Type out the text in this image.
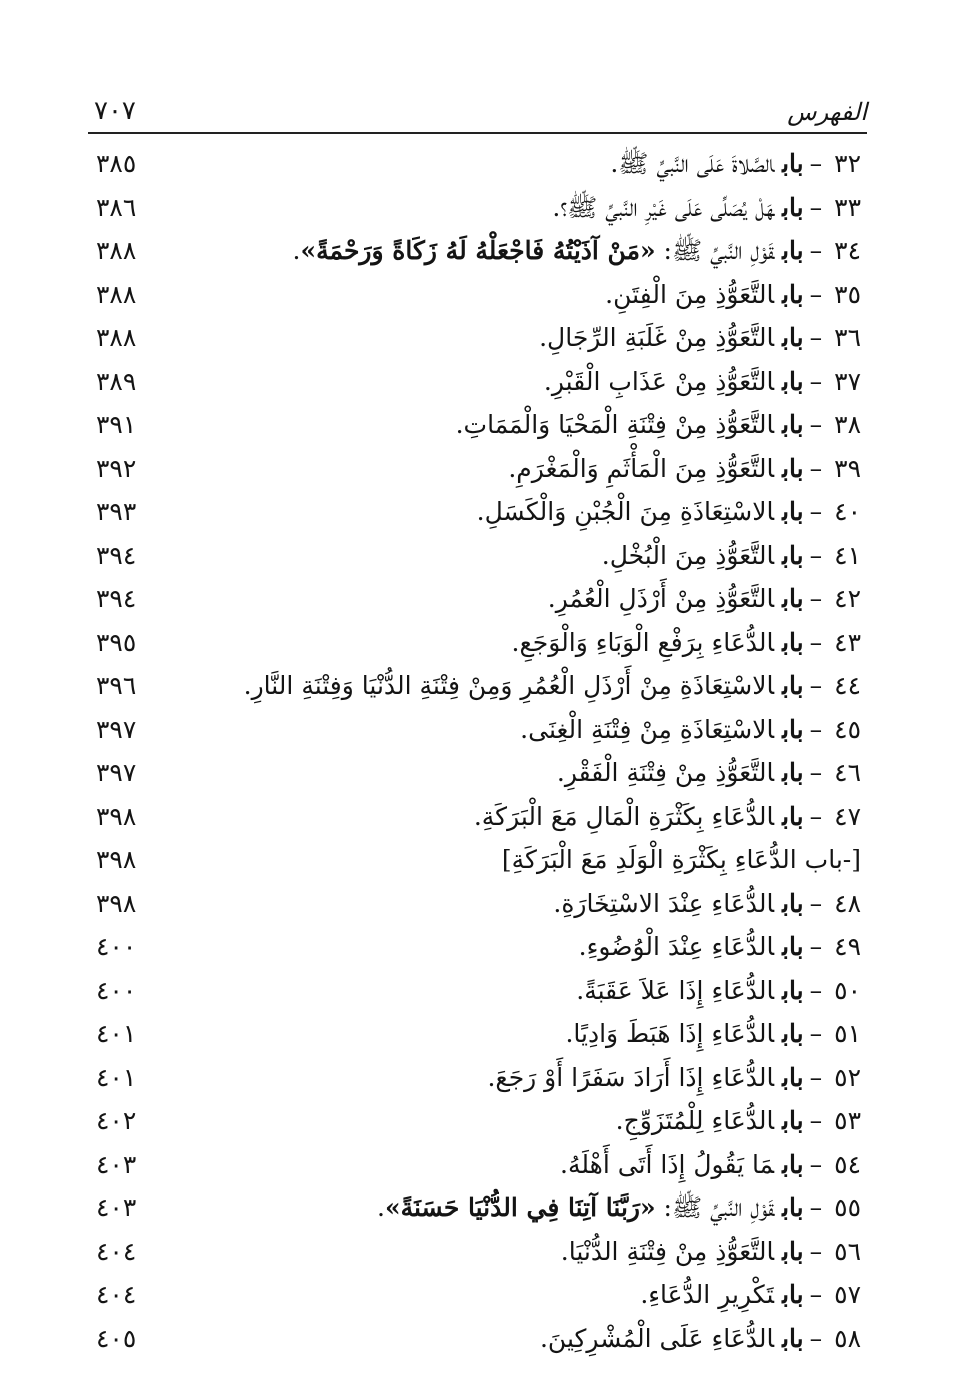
الفهرس
٧٠٧
٣٢–بابالصَّلاةَ عَلَى النَّبيِّ ﷺ.
٣٨٥
٣٣–بابهَلْ يُصَلِّى عَلَى غَيْرِ النَّبيِّ ﷺ؟.
٣٨٦
٣٤–بابقَوْلِ النَّبيِّ ﷺ: «مَنْ آذَيْتُهُ فَاجْعَلْهُ لَهُ زَكَاةً وَرَحْمَةً».
٣٨٨
٣٥–بابالتَّعَوُّذِ مِنَ الْفِتَنِ.
٣٨٨
٣٦–بابالتَّعَوُّذِ مِنْ غَلَبَةِ الرِّجَالِ.
٣٨٨
٣٧–بابالتَّعَوُّذِ مِنْ عَذَابِ الْقَبْرِ.
٣٨٩
٣٨–بابالتَّعَوُّذِ مِنْ فِتْنَةِ الْمَحْيَا وَالْمَمَاتِ.
٣٩١
٣٩–بابالتَّعَوُّذِ مِنَ الْمَأْثَمِ وَالْمَغْرَمِ.
٣٩٢
٤٠–بابالاسْتِعَاذَةِ مِنَ الْجُبْنِ وَالْكَسَلِ.
٣٩٣
٤١–بابالتَّعَوُّذِ مِنَ الْبُخْلِ.
٣٩٤
٤٢–بابالتَّعَوُّذِ مِنْ أَرْذَلِ الْعُمُرِ.
٣٩٤
٤٣–بابالدُّعَاءِ بِرَفْعِ الْوَبَاءِ وَالْوَجَعِ.
٣٩٥
٤٤–بابالاسْتِعَاذَةِ مِنْ أَرْذَلِ الْعُمُرِ وَمِنْ فِتْنَةِ الدُّنْيَا وَفِتْنَةِ النَّارِ.
٣٩٦
٤٥–بابالاسْتِعَاذَةِ مِنْ فِتْنَةِ الْغِنَى.
٣٩٧
٤٦–بابالتَّعَوُّذِ مِنْ فِتْنَةِ الْفَقْرِ.
٣٩٧
٤٧–بابالدُّعَاءِ بِكَثْرَةِ الْمَالِ مَعَ الْبَرَكَةِ.
٣٩٨
[-باب الدُّعَاءِ بِكَثْرَةِ الْوَلَدِ مَعَ الْبَرَكَةِ]
٣٩٨
٤٨–بابالدُّعَاءِ عِنْدَ الاسْتِخَارَةِ.
٣٩٨
٤٩–بابالدُّعَاءِ عِنْدَ الْوُضُوءِ.
٤٠٠
٥٠–بابالدُّعَاءِ إِذَا عَلاَ عَقَبَةً.
٤٠٠
٥١–بابالدُّعَاءِ إِذَا هَبَطَ وَادِيًا.
٤٠١
٥٢–بابالدُّعَاءِ إِذَا أَرَادَ سَفَرًا أَوْ رَجَعَ.
٤٠١
٥٣–بابالدُّعَاءِ لِلْمُتَزَوِّجِ.
٤٠٢
٥٤–بابمَا يَقُولُ إِذَا أَتَى أَهْلَهُ.
٤٠٣
٥٥–بابقَوْلِ النَّبيِّ ﷺ: «رَبَّنَا آتِنَا فِي الدُّنْيَا حَسَنَةً».
٤٠٣
٥٦–بابالتَّعَوُّذِ مِنْ فِتْنَةِ الدُّنْيَا.
٤٠٤
٥٧–بابتَكْرِيرِ الدُّعَاءِ.
٤٠٤
٥٨–بابالدُّعَاءِ عَلَى الْمُشْرِكِينَ.
٤٠٥
